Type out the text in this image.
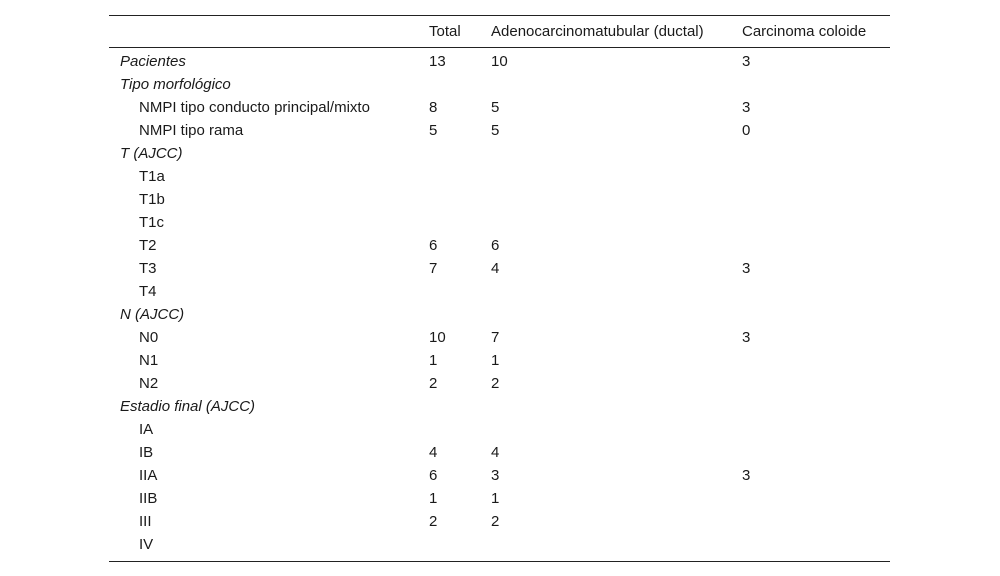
	Total	Adenocarcinomatubular (ductal)	Carcinoma coloide
Pacientes	13	10	3
Tipo morfológico			
NMPI tipo conducto principal/mixto	8	5	3
NMPI tipo rama	5	5	0
T (AJCC)			
T1a			
T1b			
T1c			
T2	6	6	
T3	7	4	3
T4			
N (AJCC)			
N0	10	7	3
N1	1	1	
N2	2	2	
Estadio final (AJCC)			
IA			
IB	4	4	
IIA	6	3	3
IIB	1	1	
III	2	2	
IV			
